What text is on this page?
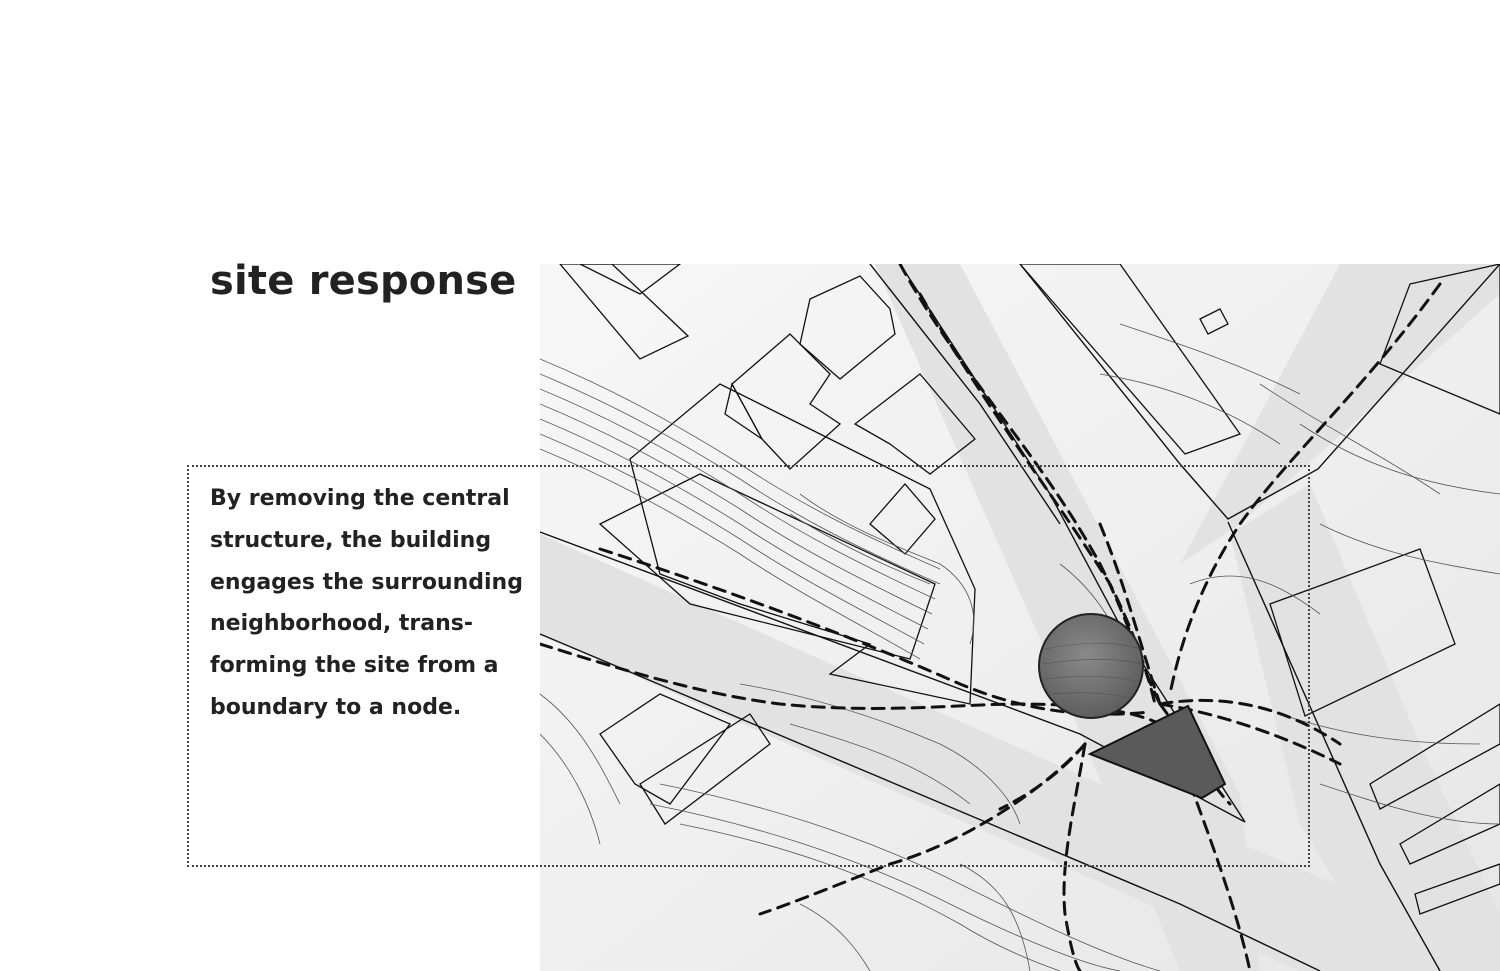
site response

By removing the central
structure, the building
engages the surrounding
neighborhood, trans-
forming the site from a
boundary to a node.
